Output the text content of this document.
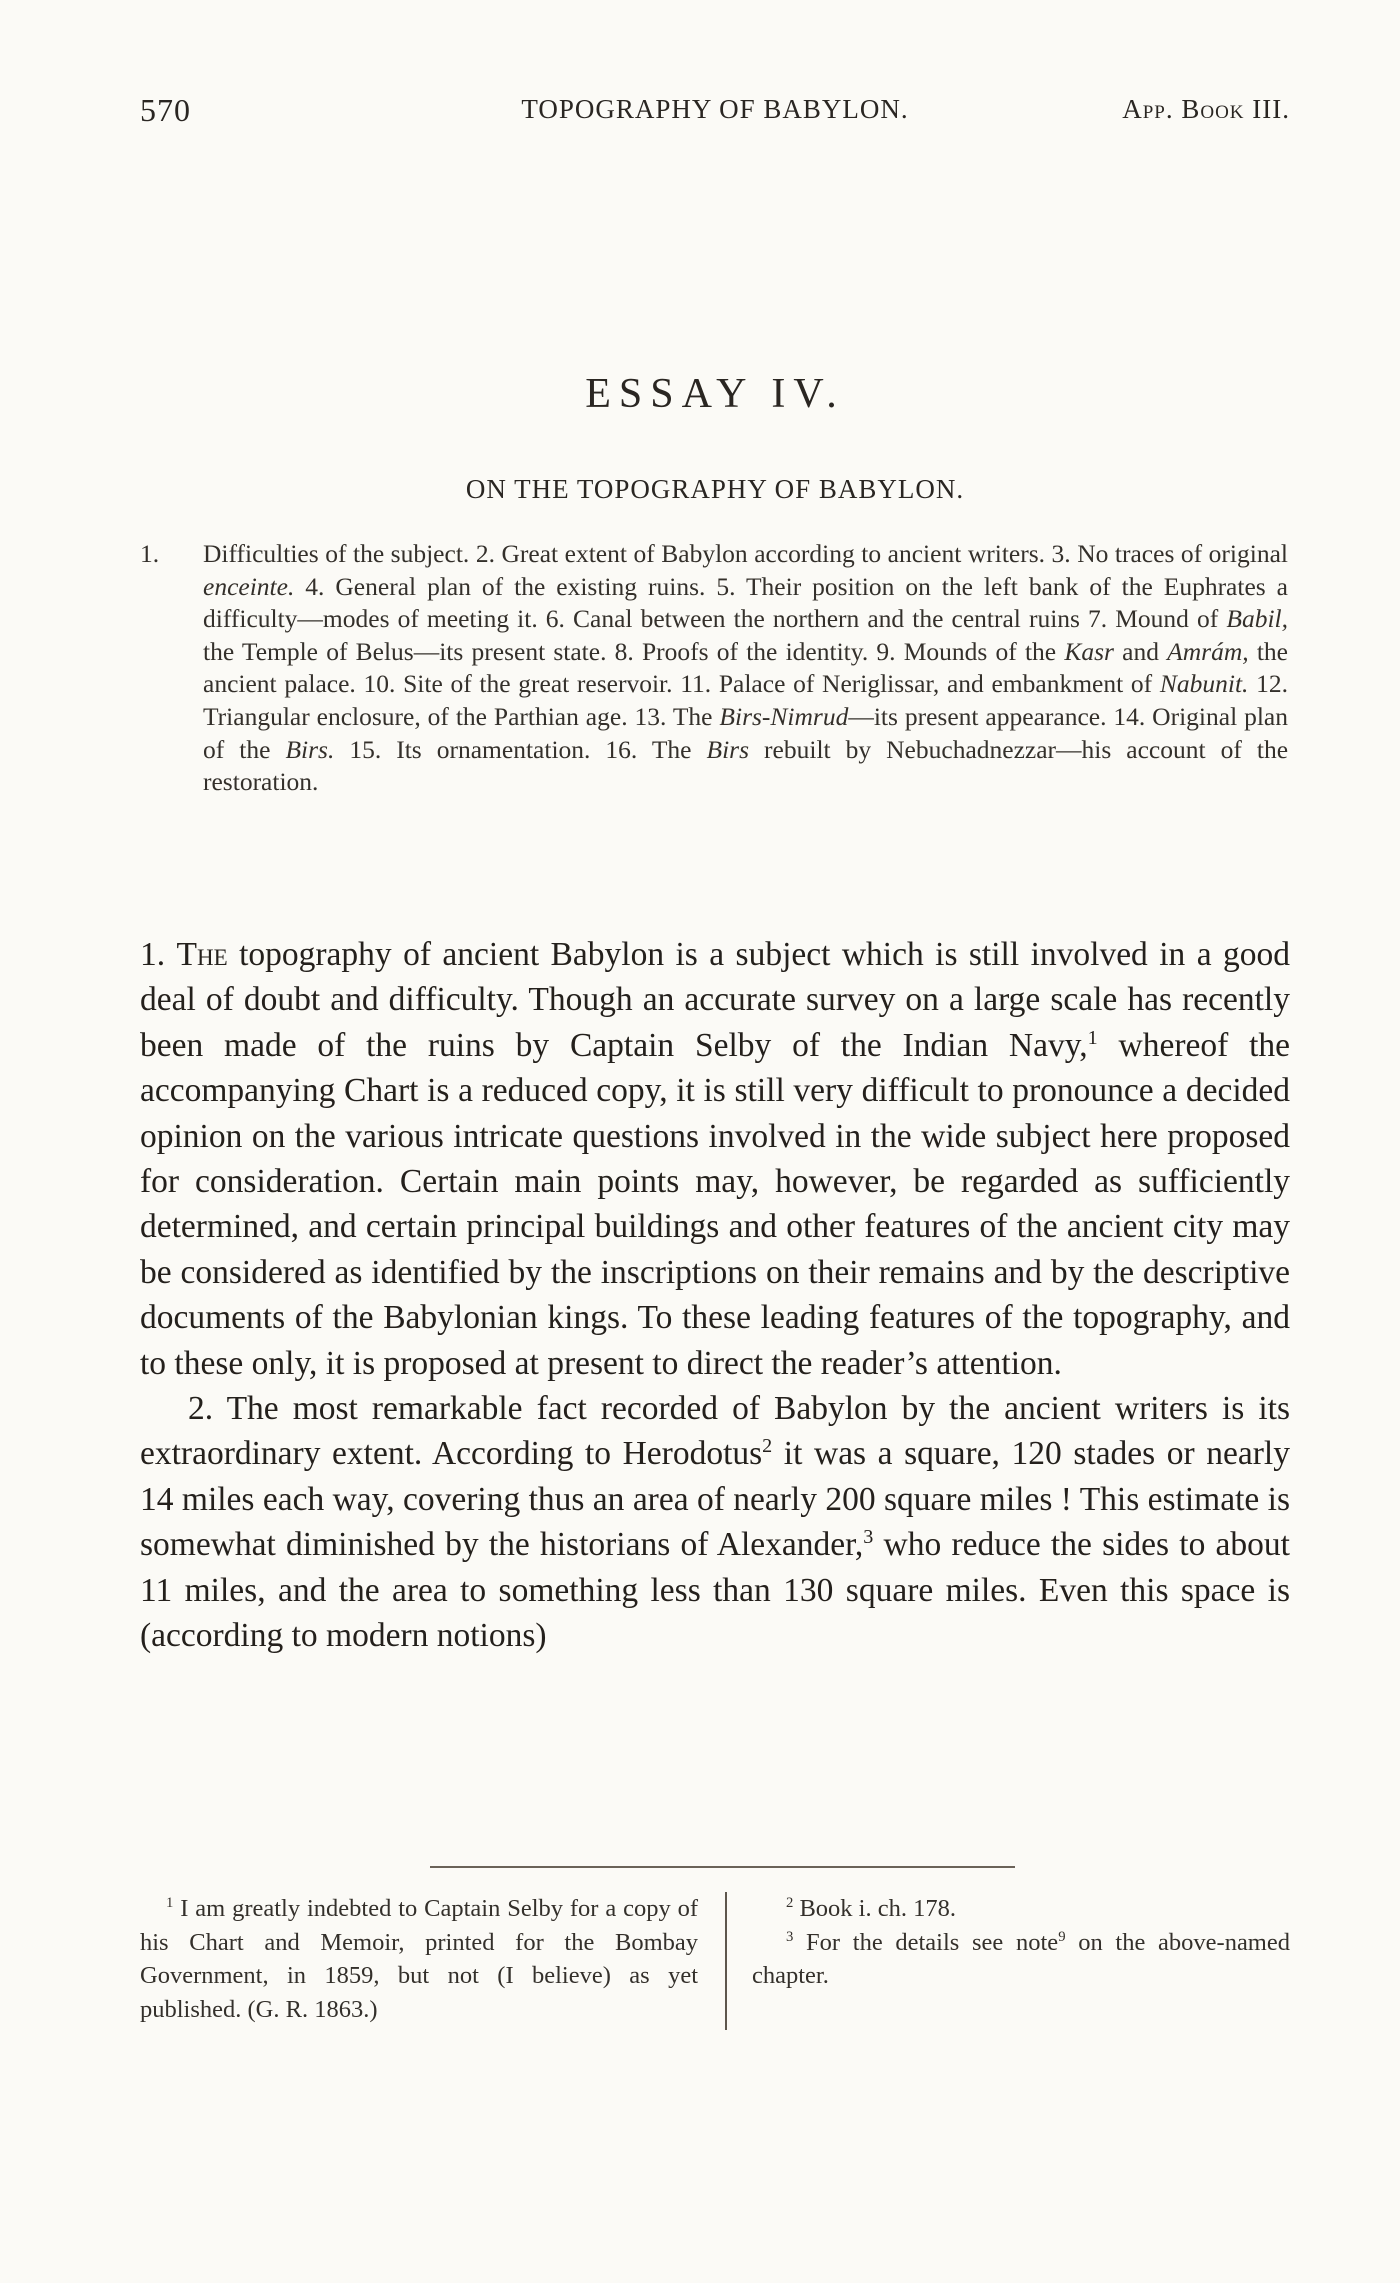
570	TOPOGRAPHY OF BABYLON.	App. Book III.
ESSAY IV.
ON THE TOPOGRAPHY OF BABYLON.

1. Difficulties of the subject. 2. Great extent of Babylon according to ancient writers. 3. No traces of original enceinte. 4. General plan of the existing ruins. 5. Their position on the left bank of the Euphrates a difficulty—modes of meeting it. 6. Canal between the northern and the central ruins 7. Mound of Babil, the Temple of Belus—its present state. 8. Proofs of the identity. 9. Mounds of the Kasr and Amrám, the ancient palace. 10. Site of the great reservoir. 11. Palace of Neriglissar, and embankment of Nabunit. 12. Triangular enclosure, of the Parthian age. 13. The Birs-Nimrud—its present appearance. 14. Original plan of the Birs. 15. Its ornamentation. 16. The Birs rebuilt by Nebuchadnezzar—his account of the restoration.

1. The topography of ancient Babylon is a subject which is still involved in a good deal of doubt and difficulty. Though an accurate survey on a large scale has recently been made of the ruins by Captain Selby of the Indian Navy,$^1$ whereof the accompanying Chart is a reduced copy, it is still very difficult to pronounce a decided opinion on the various intricate questions involved in the wide subject here proposed for consideration. Certain main points may, however, be regarded as sufficiently determined, and certain principal buildings and other features of the ancient city may be considered as identified by the inscriptions on their remains and by the descriptive documents of the Babylonian kings. To these leading features of the topography, and to these only, it is proposed at present to direct the reader’s attention.

2. The most remarkable fact recorded of Babylon by the ancient writers is its extraordinary extent. According to Herodotus$^2$ it was a square, 120 stades or nearly 14 miles each way, covering thus an area of nearly 200 square miles ! This estimate is somewhat diminished by the historians of Alexander,$^3$ who reduce the sides to about 11 miles, and the area to something less than 130 square miles. Even this space is (according to modern notions)

$^1$ I am greatly indebted to Captain Selby for a copy of his Chart and Memoir, printed for the Bombay Government, in 1859, but not (I believe) as yet published. (G. R. 1863.)

$^2$ Book i. ch. 178.

$^3$ For the details see note$^9$ on the above-named chapter.
